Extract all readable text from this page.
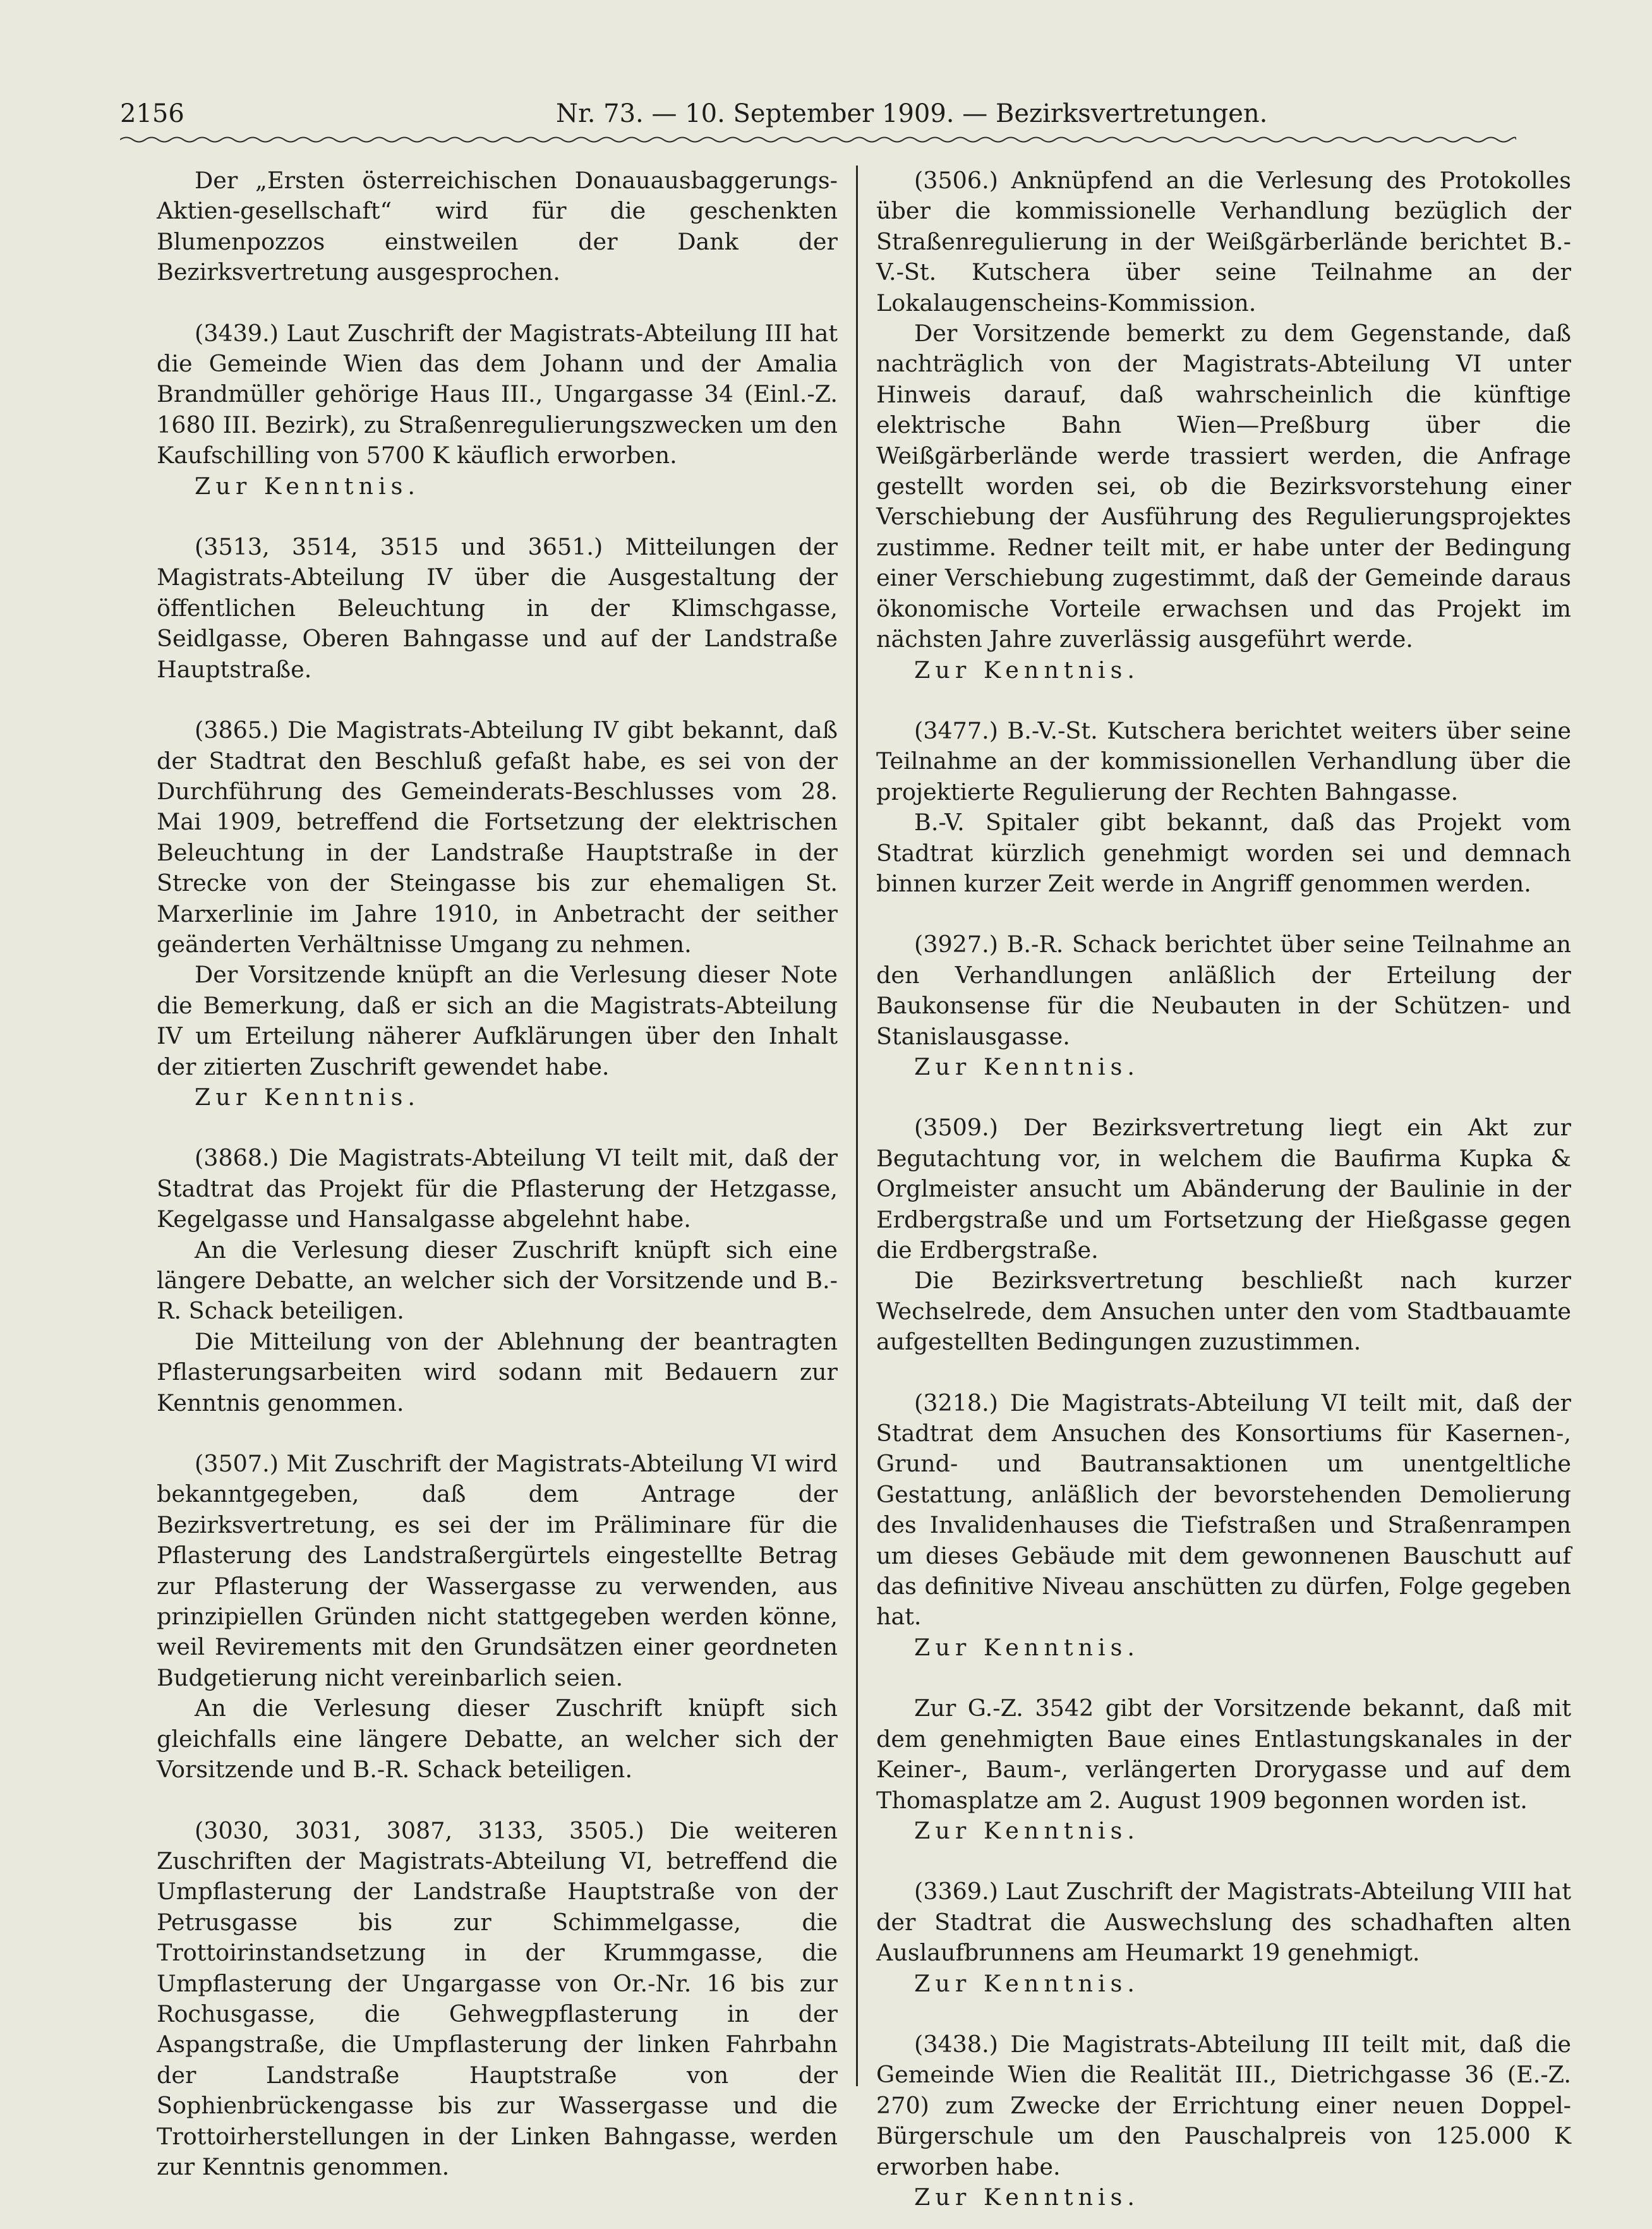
2156	Nr. 73. — 10. September 1909. — Bezirksvertretungen.

Der „Ersten österreichischen Donauausbaggerungs-Aktien-gesellschaft“ wird für die geschenkten Blumenpozzos einstweilen der Dank der Bezirksvertretung ausgesprochen.

(3439.) Laut Zuschrift der Magistrats-Abteilung III hat die Gemeinde Wien das dem Johann und der Amalia Brandmüller gehörige Haus III., Ungargasse 34 (Einl.-Z. 1680 III. Bezirk), zu Straßenregulierungszwecken um den Kaufschilling von 5700 K käuflich erworben.

Zur Kenntnis.

(3513, 3514, 3515 und 3651.) Mitteilungen der Magistrats-Abteilung IV über die Ausgestaltung der öffentlichen Beleuchtung in der Klimschgasse, Seidlgasse, Oberen Bahngasse und auf der Landstraße Hauptstraße.

(3865.) Die Magistrats-Abteilung IV gibt bekannt, daß der Stadtrat den Beschluß gefaßt habe, es sei von der Durchführung des Gemeinderats-Beschlusses vom 28. Mai 1909, betreffend die Fortsetzung der elektrischen Beleuchtung in der Landstraße Hauptstraße in der Strecke von der Steingasse bis zur ehemaligen St. Marxerlinie im Jahre 1910, in Anbetracht der seither geänderten Verhältnisse Umgang zu nehmen.

Der Vorsitzende knüpft an die Verlesung dieser Note die Bemerkung, daß er sich an die Magistrats-Abteilung IV um Erteilung näherer Aufklärungen über den Inhalt der zitierten Zuschrift gewendet habe.

Zur Kenntnis.

(3868.) Die Magistrats-Abteilung VI teilt mit, daß der Stadtrat das Projekt für die Pflasterung der Hetzgasse, Kegelgasse und Hansalgasse abgelehnt habe.

An die Verlesung dieser Zuschrift knüpft sich eine längere Debatte, an welcher sich der Vorsitzende und B.-R. Schack beteiligen.

Die Mitteilung von der Ablehnung der beantragten Pflasterungsarbeiten wird sodann mit Bedauern zur Kenntnis genommen.

(3507.) Mit Zuschrift der Magistrats-Abteilung VI wird bekanntgegeben, daß dem Antrage der Bezirksvertretung, es sei der im Präliminare für die Pflasterung des Landstraßergürtels eingestellte Betrag zur Pflasterung der Wassergasse zu verwenden, aus prinzipiellen Gründen nicht stattgegeben werden könne, weil Revirements mit den Grundsätzen einer geordneten Budgetierung nicht vereinbarlich seien.

An die Verlesung dieser Zuschrift knüpft sich gleichfalls eine längere Debatte, an welcher sich der Vorsitzende und B.-R. Schack beteiligen.

(3030, 3031, 3087, 3133, 3505.) Die weiteren Zuschriften der Magistrats-Abteilung VI, betreffend die Umpflasterung der Landstraße Hauptstraße von der Petrusgasse bis zur Schimmelgasse, die Trottoirinstandsetzung in der Krummgasse, die Umpflasterung der Ungargasse von Or.-Nr. 16 bis zur Rochusgasse, die Gehwegpflasterung in der Aspangstraße, die Umpflasterung der linken Fahrbahn der Landstraße Hauptstraße von der Sophienbrückengasse bis zur Wassergasse und die Trottoirherstellungen in der Linken Bahngasse, werden zur Kenntnis genommen.

(3506.) Anknüpfend an die Verlesung des Protokolles über die kommissionelle Verhandlung bezüglich der Straßenregulierung in der Weißgärberlände berichtet B.-V.-St. Kutschera über seine Teilnahme an der Lokalaugenscheins-Kommission.

Der Vorsitzende bemerkt zu dem Gegenstande, daß nachträglich von der Magistrats-Abteilung VI unter Hinweis darauf, daß wahrscheinlich die künftige elektrische Bahn Wien—Preßburg über die Weißgärberlände werde trassiert werden, die Anfrage gestellt worden sei, ob die Bezirksvorstehung einer Verschiebung der Ausführung des Regulierungsprojektes zustimme. Redner teilt mit, er habe unter der Bedingung einer Verschiebung zugestimmt, daß der Gemeinde daraus ökonomische Vorteile erwachsen und das Projekt im nächsten Jahre zuverlässig ausgeführt werde.

Zur Kenntnis.

(3477.) B.-V.-St. Kutschera berichtet weiters über seine Teilnahme an der kommissionellen Verhandlung über die projektierte Regulierung der Rechten Bahngasse.

B.-V. Spitaler gibt bekannt, daß das Projekt vom Stadtrat kürzlich genehmigt worden sei und demnach binnen kurzer Zeit werde in Angriff genommen werden.

(3927.) B.-R. Schack berichtet über seine Teilnahme an den Verhandlungen anläßlich der Erteilung der Baukonsense für die Neubauten in der Schützen- und Stanislausgasse.

Zur Kenntnis.

(3509.) Der Bezirksvertretung liegt ein Akt zur Begutachtung vor, in welchem die Baufirma Kupka & Orglmeister ansucht um Abänderung der Baulinie in der Erdbergstraße und um Fortsetzung der Hießgasse gegen die Erdbergstraße.

Die Bezirksvertretung beschließt nach kurzer Wechselrede, dem Ansuchen unter den vom Stadtbauamte aufgestellten Bedingungen zuzustimmen.

(3218.) Die Magistrats-Abteilung VI teilt mit, daß der Stadtrat dem Ansuchen des Konsortiums für Kasernen-, Grund- und Bautransaktionen um unentgeltliche Gestattung, anläßlich der bevorstehenden Demolierung des Invalidenhauses die Tiefstraßen und Straßenrampen um dieses Gebäude mit dem gewonnenen Bauschutt auf das definitive Niveau anschütten zu dürfen, Folge gegeben hat.

Zur Kenntnis.

Zur G.-Z. 3542 gibt der Vorsitzende bekannt, daß mit dem genehmigten Baue eines Entlastungskanales in der Keiner-, Baum-, verlängerten Drorygasse und auf dem Thomasplatze am 2. August 1909 begonnen worden ist.

Zur Kenntnis.

(3369.) Laut Zuschrift der Magistrats-Abteilung VIII hat der Stadtrat die Auswechslung des schadhaften alten Auslaufbrunnens am Heumarkt 19 genehmigt.

Zur Kenntnis.

(3438.) Die Magistrats-Abteilung III teilt mit, daß die Gemeinde Wien die Realität III., Dietrichgasse 36 (E.-Z. 270) zum Zwecke der Errichtung einer neuen Doppel-Bürgerschule um den Pauschalpreis von 125.000 K erworben habe.

Zur Kenntnis.
